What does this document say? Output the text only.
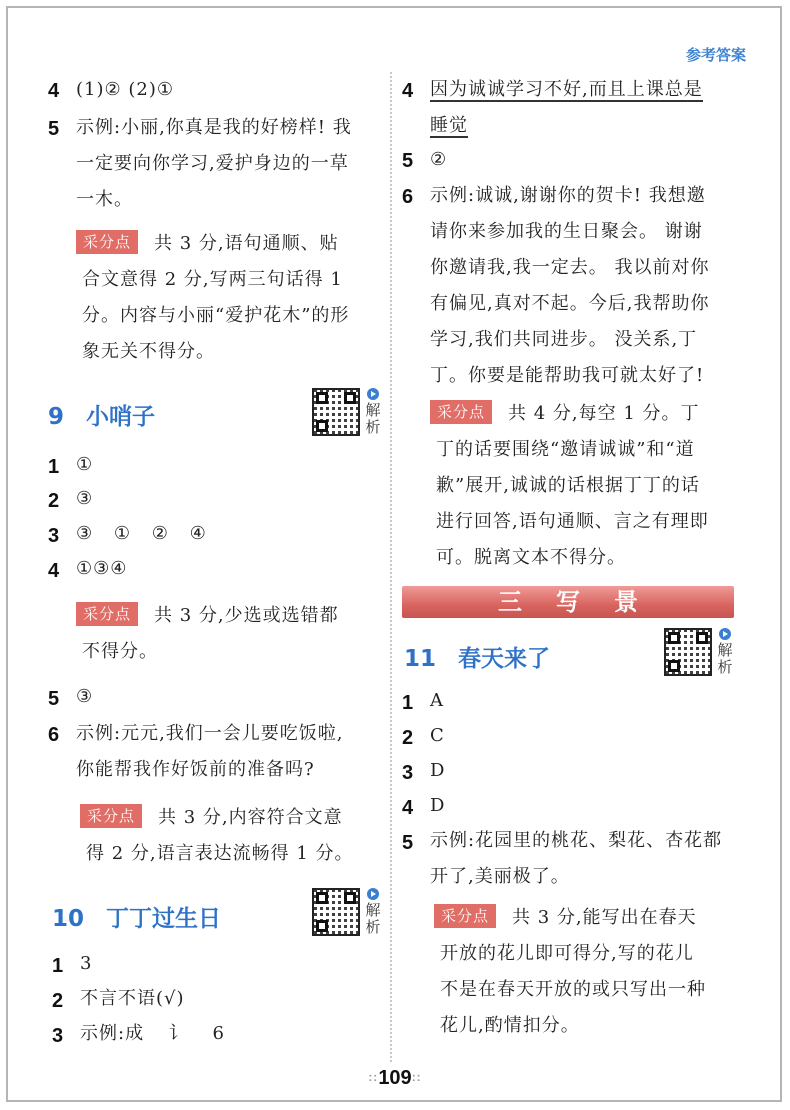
参考答案
4 (1)② (2)①
5 示例:小丽,你真是我的好榜样! 我
一定要向你学习,爱护身边的一草
一木。
采分点 共 3 分,语句通顺、贴
合文意得 2 分,写两三句话得 1
分。内容与小丽“爱护花木”的形
象无关不得分。
9 小哨子	解析
1 ①
2 ③
3 ③ ① ② ④
4 ①③④
采分点 共 3 分,少选或选错都
不得分。
5 ③
6 示例:元元,我们一会儿要吃饭啦,
你能帮我作好饭前的准备吗?
采分点 共 3 分,内容符合文意
得 2 分,语言表达流畅得 1 分。
10 丁丁过生日	解析
1 3
2 不言不语(√)
3 示例:成 讠 6
4 因为诚诚学习不好,而且上课总是
睡觉
5 ②
6 示例:诚诚,谢谢你的贺卡! 我想邀
请你来参加我的生日聚会。 谢谢
你邀请我,我一定去。 我以前对你
有偏见,真对不起。今后,我帮助你
学习,我们共同进步。 没关系,丁
丁。你要是能帮助我可就太好了!
采分点 共 4 分,每空 1 分。丁
丁的话要围绕“邀请诚诚”和“道
歉”展开,诚诚的话根据丁丁的话
进行回答,语句通顺、言之有理即
可。脱离文本不得分。
三写景
11 春天来了	解析
1 A
2 C
3 D
4 D
5 示例:花园里的桃花、梨花、杏花都
开了,美丽极了。
采分点 共 3 分,能写出在春天
开放的花儿即可得分,写的花儿
不是在春天开放的或只写出一种
花儿,酌情扣分。
::109::
